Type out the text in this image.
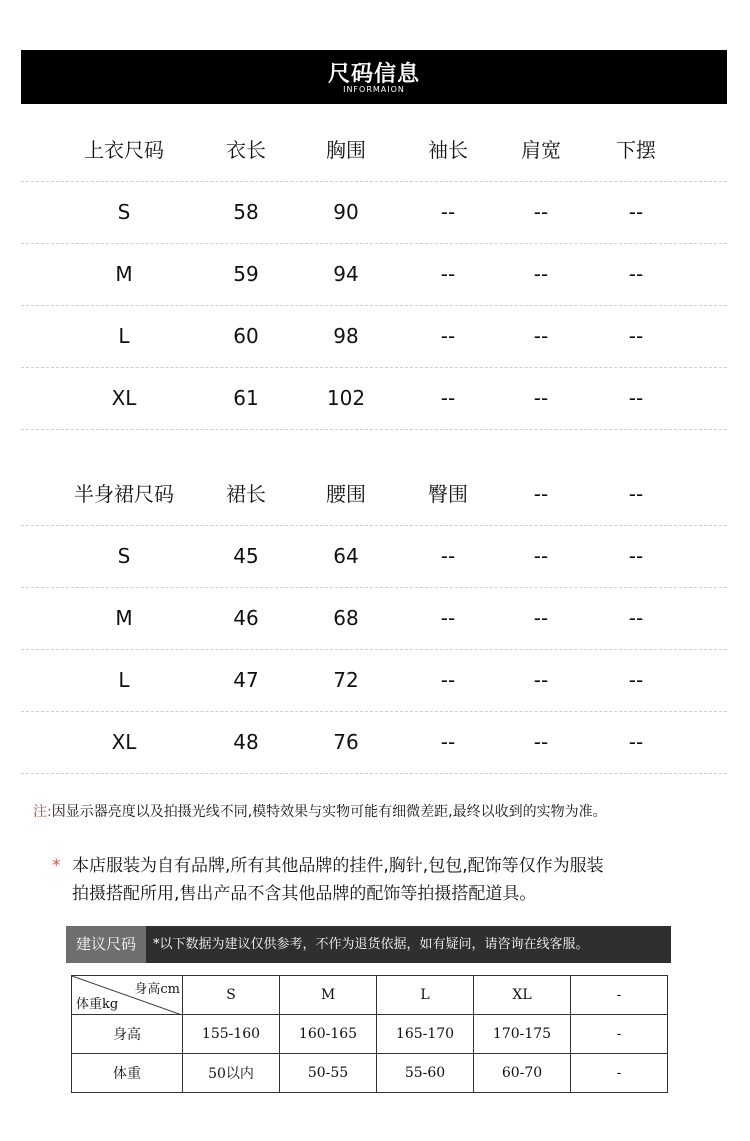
尺码信息
INFORMAION
上衣尺码	衣长	胸围	袖长	肩宽	下摆
S	58	90	--	--	--
M	59	94	--	--	--
L	60	98	--	--	--
XL	61	102	--	--	--
半身裙尺码	裙长	腰围	臀围	--	--
S	45	64	--	--	--
M	46	68	--	--	--
L	47	72	--	--	--
XL	48	76	--	--	--
注:因显示器亮度以及拍摄光线不同,模特效果与实物可能有细微差距,最终以收到的实物为准。
* 本店服装为自有品牌,所有其他品牌的挂件,胸针,包包,配饰等仅作为服装
拍摄搭配所用,售出产品不含其他品牌的配饰等拍摄搭配道具。
建议尺码	*以下数据为建议仅供参考，不作为退货依据，如有疑问，请咨询在线客服。
身高cm
体重kg	S	M	L	XL	-
身高	155-160	160-165	165-170	170-175	-
体重	50以内	50-55	55-60	60-70	-
